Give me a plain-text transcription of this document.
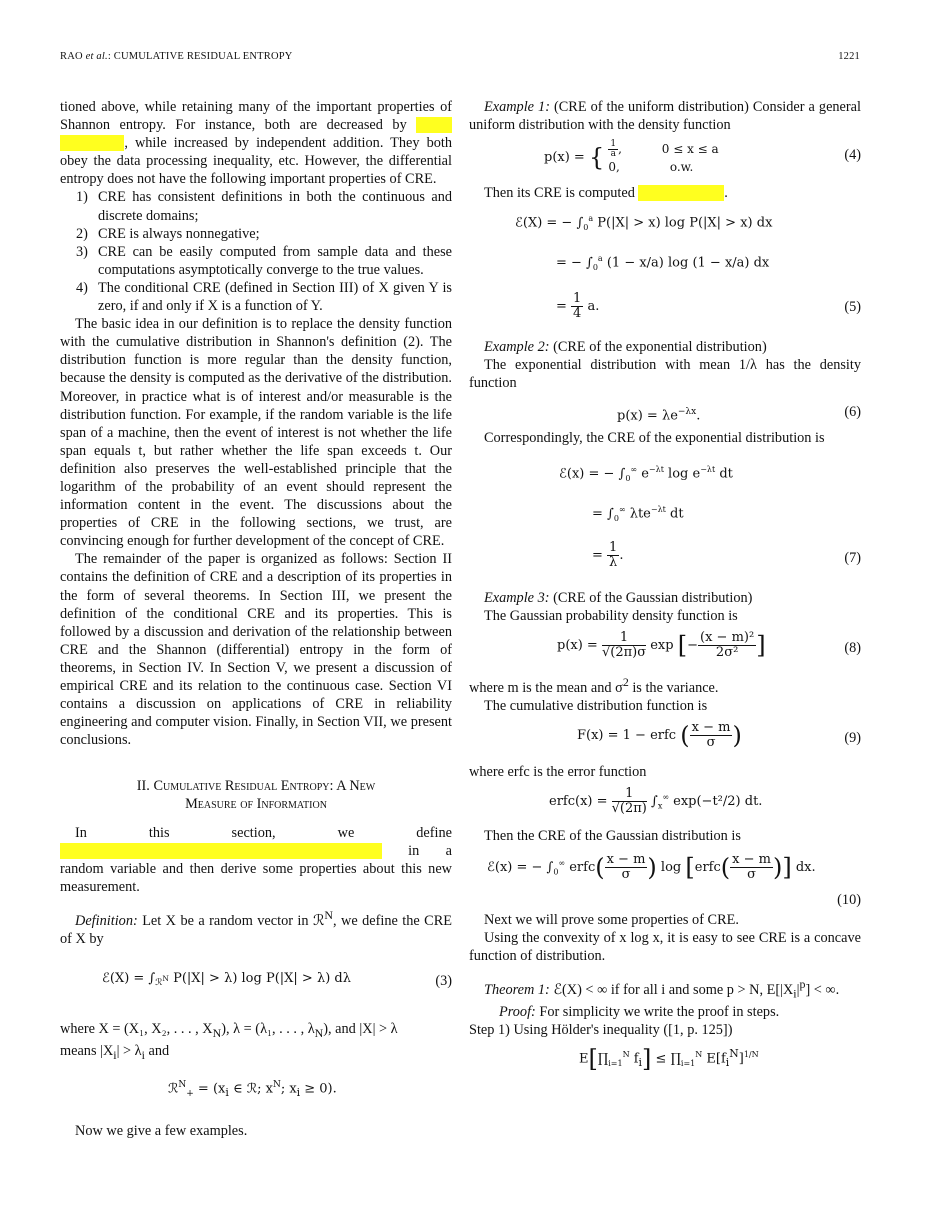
RAO et al.: CUMULATIVE RESIDUAL ENTROPY	1221

tioned above, while retaining many of the important properties of Shannon entropy. For instance, both are decreased by , while increased by independent addition. They both obey the data processing inequality, etc. However, the differential entropy does not have the following important properties of CRE.

1) CRE has consistent definitions in both the continuous and discrete domains;
2) CRE is always nonnegative;
3) CRE can be easily computed from sample data and these computations asymptotically converge to the true values.
4) The conditional CRE (defined in Section III) of X given Y is zero, if and only if X is a function of Y.

The basic idea in our definition is to replace the density function with the cumulative distribution in Shannon's definition (2). The distribution function is more regular than the density function, because the density is computed as the derivative of the distribution. Moreover, in practice what is of interest and/or measurable is the distribution function. For example, if the random variable is the life span of a machine, then the event of interest is not whether the life span equals t, but rather whether the life span exceeds t. Our definition also preserves the well-established principle that the logarithm of the probability of an event should represent the information content in the event. The discussions about the properties of CRE in the following sections, we trust, are convincing enough for further development of the concept of CRE.

The remainder of the paper is organized as follows: Section II contains the definition of CRE and a description of its properties in the form of several theorems. In Section III, we present the definition of the conditional CRE and its properties. This is followed by a discussion and derivation of the relationship between CRE and the Shannon (differential) entropy in the form of theorems, in Section IV. In Section V, we present a discussion of empirical CRE and its relation to the continuous case. Section VI contains a discussion on applications of CRE in reliability engineering and computer vision. Finally, in Section VII, we present conclusions.

II. Cumulative Residual Entropy: A New
Measure of Information

In this section, we define in a random variable and then derive some properties about this new measurement.

Definition: Let X be a random vector in ℛ$^N$, we define the CRE of X by

ℰ(X) = $\int_{ℛ^N}$ P(|X| > λ) log P(|X| > λ) dλ	(3)

where X = (X₁, X₂, . . . , $X_N$), λ = (λ₁, . . . , $\lambda_N$), and |X| > λ
means $|X_i| > \lambda_i$ and

ℛ$^N_+$ = ($x_i$ ∈ ℛ; $x^N$; $x_i \ge 0$).

Now we give a few examples.

Example 1: (CRE of the uniform distribution) Consider a general uniform distribution with the density function

p(x) = { $\frac{1}{a}$ ,	0 ≤ x ≤ a
0,	o.w.
(4)

Then its CRE is computed	.

ℰ(X) = − $\int_0^a$ P(|X| > x) log P(|X| > x) dx
= − $\int_0^a$ (1 − x/a) log (1 − x/a) dx
= $\frac{1}{4} a$.	(5)

Example 2: (CRE of the exponential distribution)

The exponential distribution with mean 1/λ has the density function

$p(x) = \lambda e^{-\lambda x}$.	(6)

Correspondingly, the CRE of the exponential distribution is

ℰ(x) = − $\int_0^\infty$ $e^{-\lambda t}$ $\log e^{-\lambda t}$ dt
= $\int_0^\infty$ λte$^{-\lambda t}$ dt
= $\frac{1}{\lambda}$ .	(7)

Example 3: (CRE of the Gaussian distribution)

The Gaussian probability density function is

$p(x) = \frac{1}{√(2\pi)\sigma}$ exp [− $\frac{\text{(x − m)²}}{\text{2σ²}}$ ]	(8)

where m is the mean and $\sigma^2$ is the variance.

The cumulative distribution function is

F(x) = 1 − erfc ( $\frac{x - m}{\sigma}$ )	(9)

where erfc is the error function

erfc(x) = $\frac{1}{√(2\pi)} \int_x^\infty$ exp(−t²/2) dt.

Then the CRE of the Gaussian distribution is

ℰ(x) = − $\int_0^\infty$ erfc( $\frac{x - m}{\sigma}$ ) log [erfc( $\frac{x - m}{\sigma}$ )] dx.
(10)

Next we will prove some properties of CRE.

Using the convexity of x log x, it is easy to see CRE is a concave function of distribution.

Theorem 1: ℰ(X) < ∞ if for all i and some p > N, $E[|X_i|^p]$ < ∞.

Proof: For simplicity we write the proof in steps.

Step 1) Using Hölder's inequality ([1, p. 125])

$E[\prod_{i=1}^N$ $f_i$] ≤ $\prod_{i=1}^N$ $E[f_i^N]^{1/N}$
